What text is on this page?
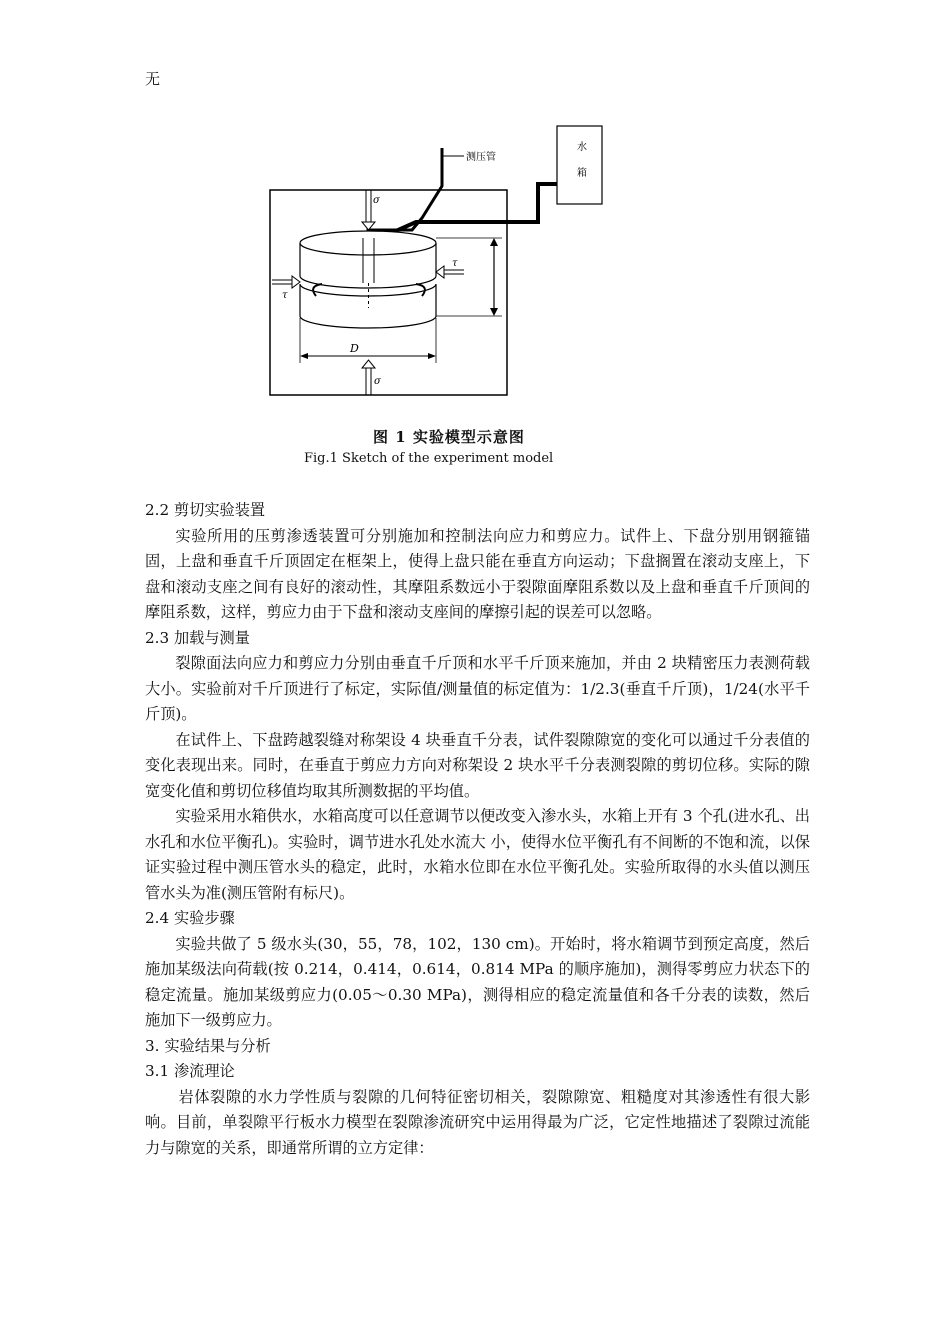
无
水
箱
测压管
σ
τ
τ
D
σ
图 1 实验模型示意图
Fig.1 Sketch of the experiment model

2.2 剪切实验装置

实验所用的压剪渗透装置可分别施加和控制法向应力和剪应力。试件上、下盘分别用钢箍锚固，上盘和垂直千斤顶固定在框架上，使得上盘只能在垂直方向运动；下盘搁置在滚动支座上，下盘和滚动支座之间有良好的滚动性，其摩阻系数远小于裂隙面摩阻系数以及上盘和垂直千斤顶间的摩阻系数，这样，剪应力由于下盘和滚动支座间的摩擦引起的误差可以忽略。

2.3 加载与测量

裂隙面法向应力和剪应力分别由垂直千斤顶和水平千斤顶来施加，并由 2 块精密压力表测荷载大小。实验前对千斤顶进行了标定，实际值/测量值的标定值为：1/2.3(垂直千斤顶)，1/24(水平千斤顶)。

在试件上、下盘跨越裂缝对称架设 4 块垂直千分表，试件裂隙隙宽的变化可以通过千分表值的变化表现出来。同时，在垂直于剪应力方向对称架设 2 块水平千分表测裂隙的剪切位移。实际的隙宽变化值和剪切位移值均取其所测数据的平均值。

实验采用水箱供水，水箱高度可以任意调节以便改变入渗水头，水箱上开有 3 个孔(进水孔、出水孔和水位平衡孔)。实验时，调节进水孔处水流大 小，使得水位平衡孔有不间断的不饱和流，以保证实验过程中测压管水头的稳定，此时，水箱水位即在水位平衡孔处。实验所取得的水头值以测压管水头为准(测压管附有标尺)。

2.4 实验步骤

实验共做了 5 级水头(30，55，78，102，130 cm)。开始时，将水箱调节到预定高度，然后施加某级法向荷载(按 0.214，0.414，0.614，0.814 MPa 的顺序施加)，测得零剪应力状态下的稳定流量。施加某级剪应力(0.05～0.30 MPa)，测得相应的稳定流量值和各千分表的读数，然后施加下一级剪应力。

3. 实验结果与分析

3.1 渗流理论

岩体裂隙的水力学性质与裂隙的几何特征密切相关，裂隙隙宽、粗糙度对其渗透性有很大影响。目前，单裂隙平行板水力模型在裂隙渗流研究中运用得最为广泛，它定性地描述了裂隙过流能力与隙宽的关系，即通常所谓的立方定律：
